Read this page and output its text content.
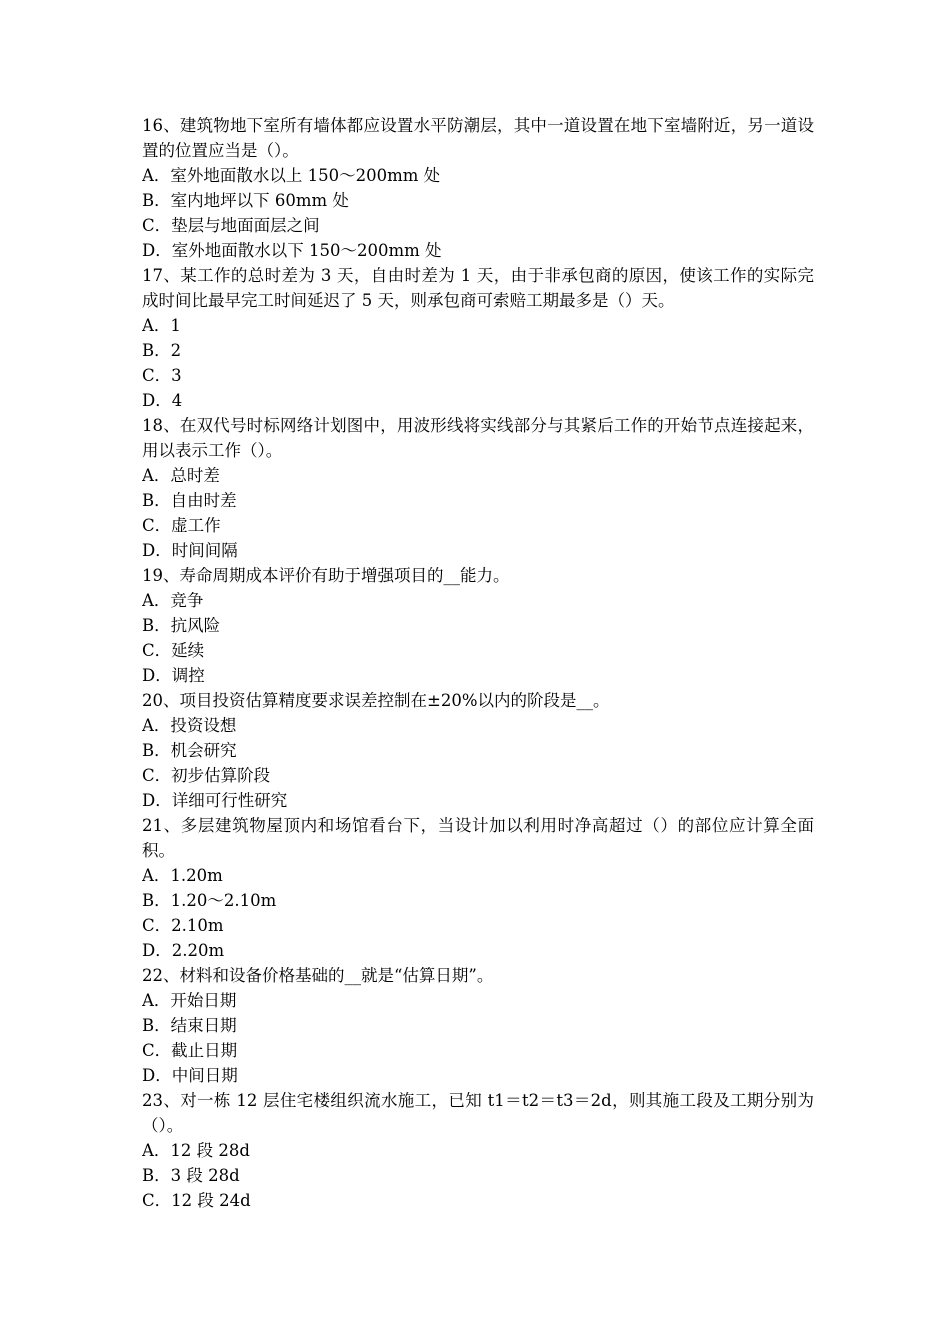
16、建筑物地下室所有墙体都应设置水平防潮层，其中一道设置在地下室墙附近，另一道设置的位置应当是（）。
A．室外地面散水以上 150～200mm 处
B．室内地坪以下 60mm 处
C．垫层与地面面层之间
D．室外地面散水以下 150～200mm 处
17、某工作的总时差为 3 天，自由时差为 1 天，由于非承包商的原因，使该工作的实际完成时间比最早完工时间延迟了 5 天，则承包商可索赔工期最多是（）天。
A．1
B．2
C．3
D．4
18、在双代号时标网络计划图中，用波形线将实线部分与其紧后工作的开始节点连接起来，用以表示工作（）。
A．总时差
B．自由时差
C．虚工作
D．时间间隔
19、寿命周期成本评价有助于增强项目的__能力。
A．竞争
B．抗风险
C．延续
D．调控
20、项目投资估算精度要求误差控制在±20%以内的阶段是__。
A．投资设想
B．机会研究
C．初步估算阶段
D．详细可行性研究
21、多层建筑物屋顶内和场馆看台下，当设计加以利用时净高超过（）的部位应计算全面积。
A．1.20m
B．1.20～2.10m
C．2.10m
D．2.20m
22、材料和设备价格基础的__就是“估算日期”。
A．开始日期
B．结束日期
C．截止日期
D．中间日期
23、对一栋 12 层住宅楼组织流水施工，已知 t1＝t2＝t3＝2d，则其施工段及工期分别为（）。
A．12 段 28d
B．3 段 28d
C．12 段 24d
